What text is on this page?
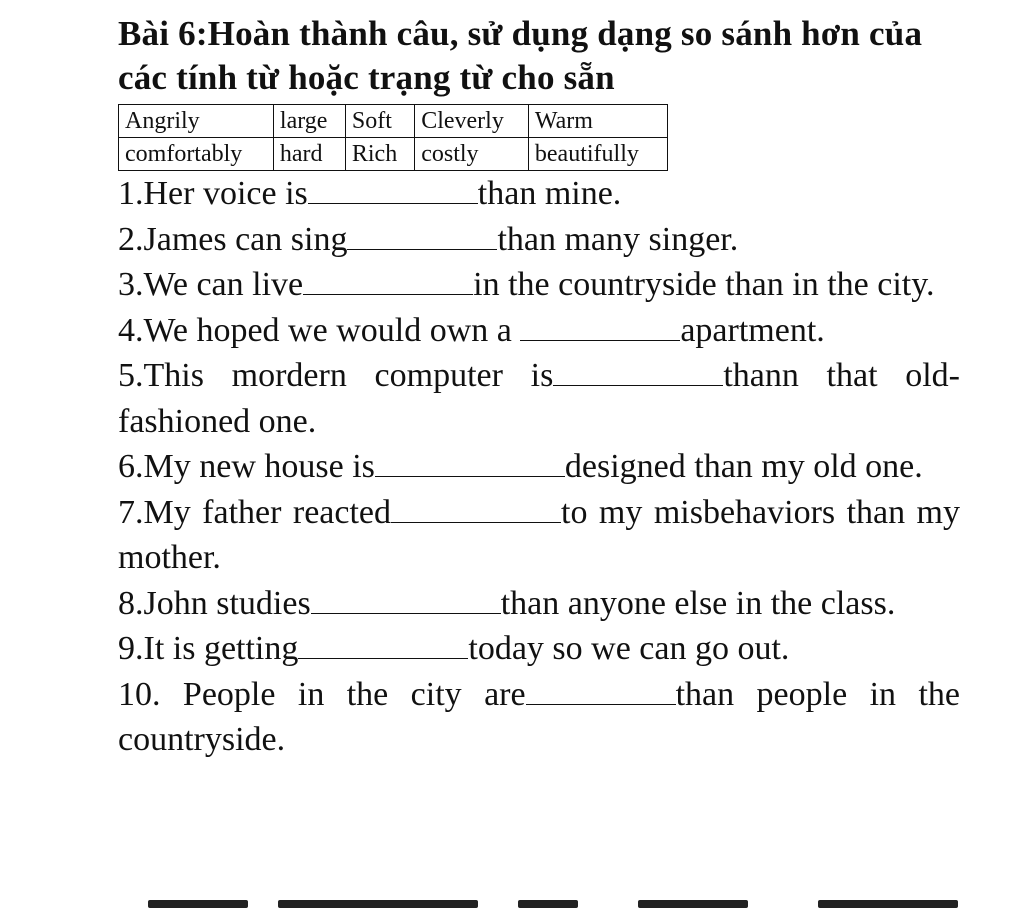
Bài 6:Hoàn thành câu, sử dụng dạng so sánh hơn của các tính từ hoặc trạng từ cho sẵn
Angrily	large	Soft	Cleverly	Warm
comfortably	hard	Rich	costly	beautifully

1.Her voice is	than mine.

2.James can sing	than many singer.

3.We can live	in the countryside than in the city.

4.We hoped we would own a	apartment.

5.This mordern computer is	thann that old-fashioned one.

6.My new house is	designed than my old one.

7.My father reacted	to my misbehaviors than my mother.

8.John studies	than anyone else in the class.

9.It is getting	today so we can go out.

10. People in the city are	than people in the countryside.
